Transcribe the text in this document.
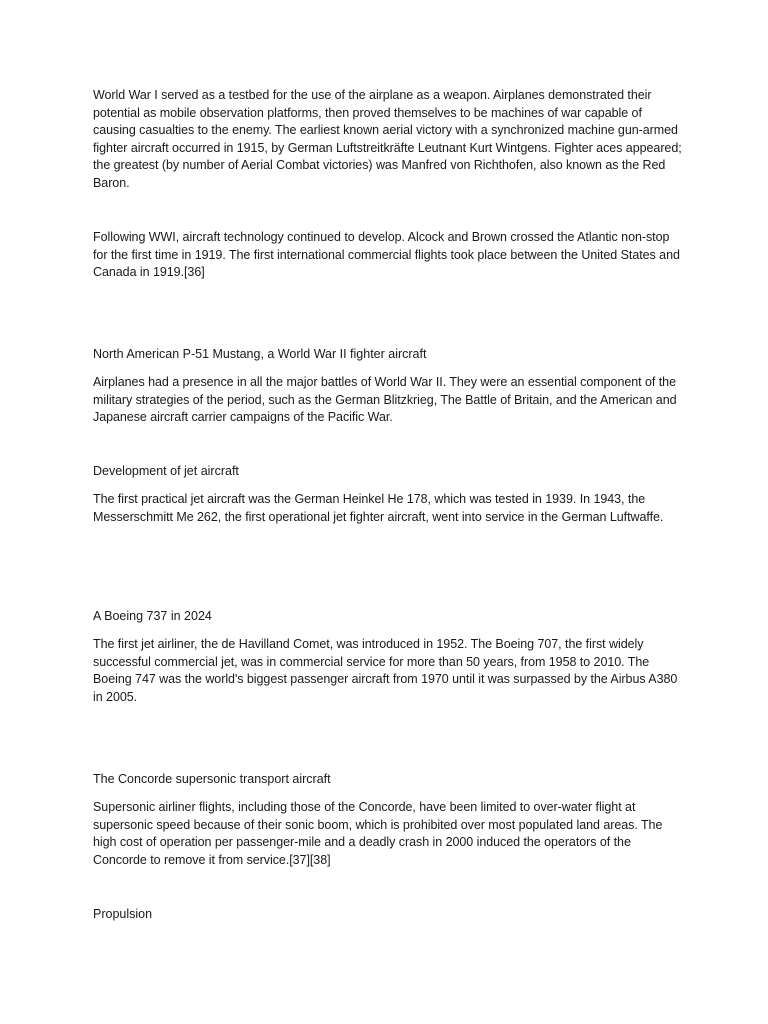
World War I served as a testbed for the use of the airplane as a weapon. Airplanes demonstrated their potential as mobile observation platforms, then proved themselves to be machines of war capable of causing casualties to the enemy. The earliest known aerial victory with a synchronized machine gun-armed fighter aircraft occurred in 1915, by German Luftstreitkräfte Leutnant Kurt Wintgens. Fighter aces appeared; the greatest (by number of Aerial Combat victories) was Manfred von Richthofen, also known as the Red Baron.

Following WWI, aircraft technology continued to develop. Alcock and Brown crossed the Atlantic non-stop for the first time in 1919. The first international commercial flights took place between the United States and Canada in 1919.[36]

North American P-51 Mustang, a World War II fighter aircraft

Airplanes had a presence in all the major battles of World War II. They were an essential component of the military strategies of the period, such as the German Blitzkrieg, The Battle of Britain, and the American and Japanese aircraft carrier campaigns of the Pacific War.

Development of jet aircraft

The first practical jet aircraft was the German Heinkel He 178, which was tested in 1939. In 1943, the Messerschmitt Me 262, the first operational jet fighter aircraft, went into service in the German Luftwaffe.

A Boeing 737 in 2024

The first jet airliner, the de Havilland Comet, was introduced in 1952. The Boeing 707, the first widely successful commercial jet, was in commercial service for more than 50 years, from 1958 to 2010. The Boeing 747 was the world's biggest passenger aircraft from 1970 until it was surpassed by the Airbus A380 in 2005.

The Concorde supersonic transport aircraft

Supersonic airliner flights, including those of the Concorde, have been limited to over-water flight at supersonic speed because of their sonic boom, which is prohibited over most populated land areas. The high cost of operation per passenger-mile and a deadly crash in 2000 induced the operators of the Concorde to remove it from service.[37][38]

Propulsion
